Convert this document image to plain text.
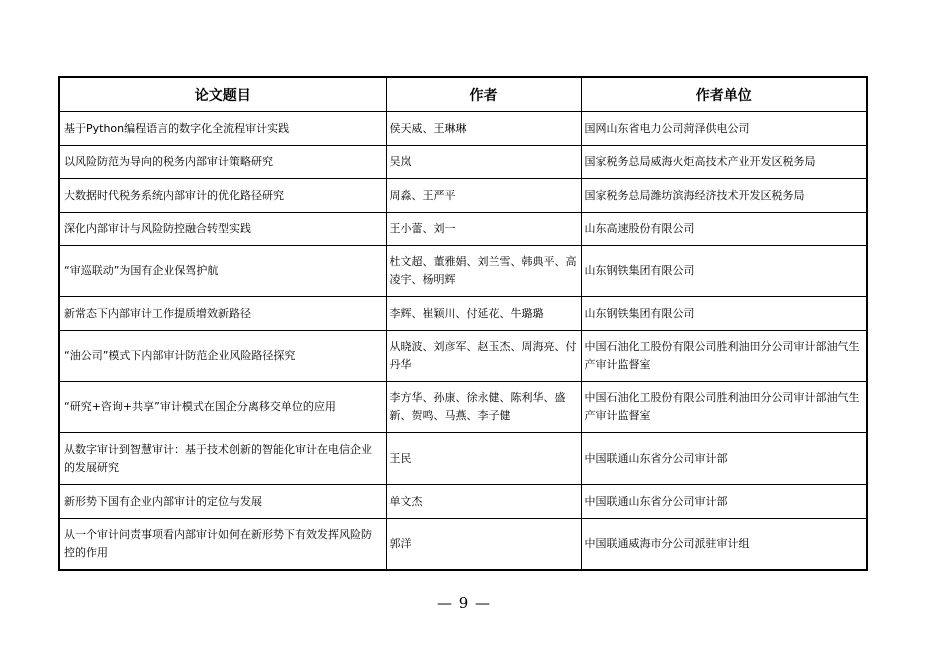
论文题目	作者	作者单位
基于Python编程语言的数字化全流程审计实践	侯天威、王琳琳	国网山东省电力公司菏泽供电公司
以风险防范为导向的税务内部审计策略研究	吴岚	国家税务总局威海火炬高技术产业开发区税务局
大数据时代税务系统内部审计的优化路径研究	周淼、王严平	国家税务总局潍坊滨海经济技术开发区税务局
深化内部审计与风险防控融合转型实践	王小蕾、刘一	山东高速股份有限公司
“审巡联动”为国有企业保驾护航	杜文超、董雅娟、刘兰雪、韩典平、高凌宇、杨明辉	山东钢铁集团有限公司
新常态下内部审计工作提质增效新路径	李辉、崔颖川、付延花、牛璐璐	山东钢铁集团有限公司
“油公司”模式下内部审计防范企业风险路径探究	从晓波、刘彦军、赵玉杰、周海亮、付丹华	中国石油化工股份有限公司胜利油田分公司审计部油气生产审计监督室
“研究+咨询+共享”审计模式在国企分离移交单位的应用	李方华、孙康、徐永健、陈利华、盛新、贺鸣、马燕、李子健	中国石油化工股份有限公司胜利油田分公司审计部油气生产审计监督室
从数字审计到智慧审计：基于技术创新的智能化审计在电信企业的发展研究	王民	中国联通山东省分公司审计部
新形势下国有企业内部审计的定位与发展	单文杰	中国联通山东省分公司审计部
从一个审计问责事项看内部审计如何在新形势下有效发挥风险防控的作用	郭洋	中国联通威海市分公司派驻审计组
— 9 —
